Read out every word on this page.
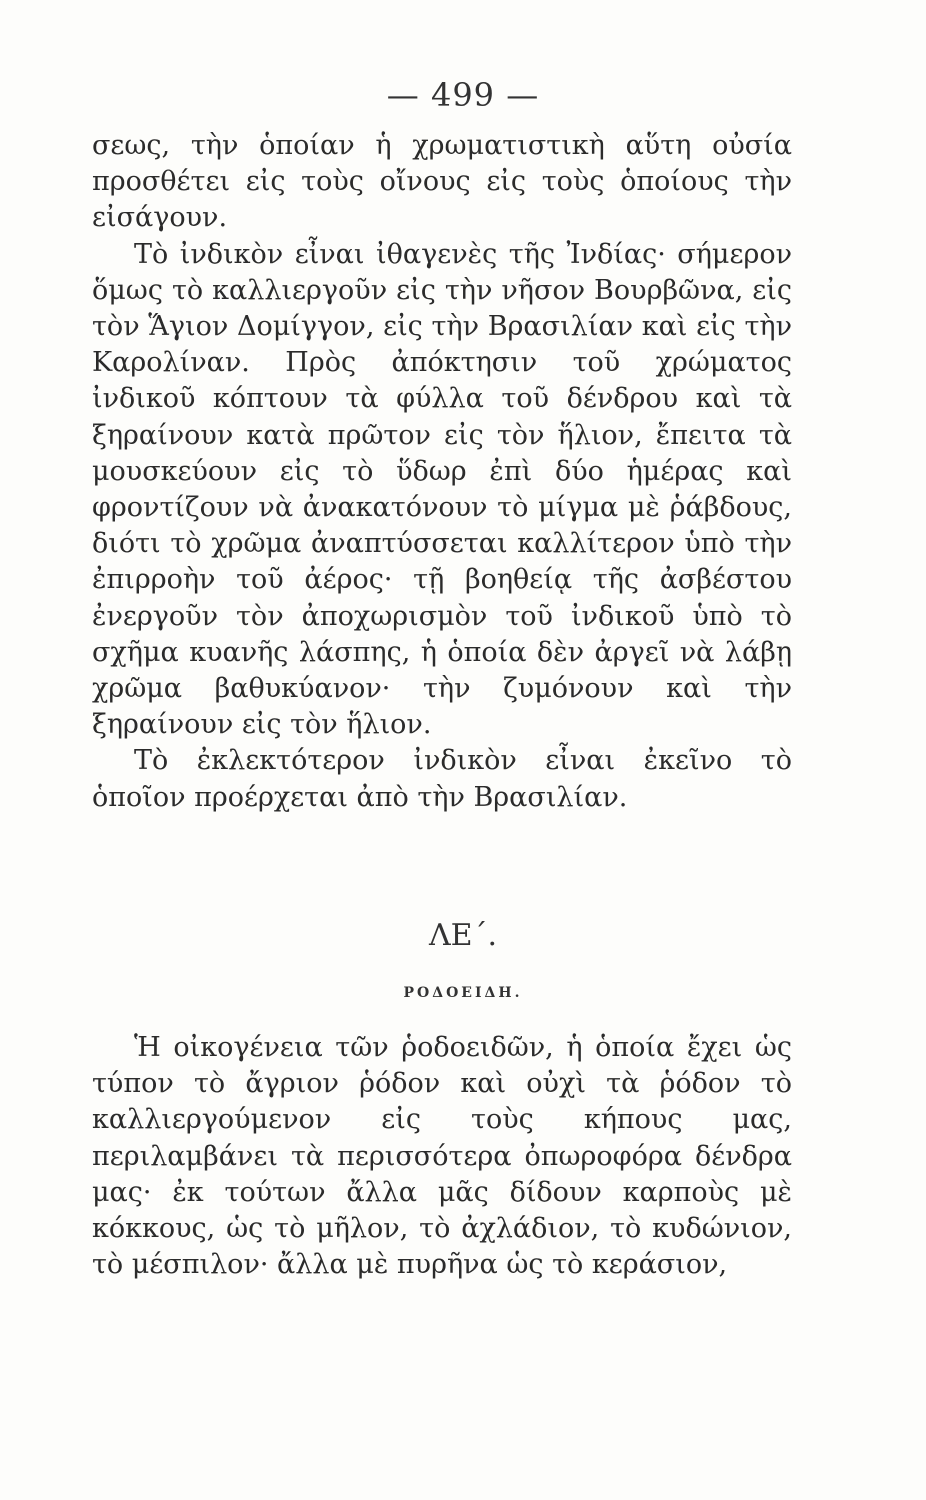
— 499 —

σεως, τὴν ὁποίαν ἡ χρωματιστικὴ αὕτη οὐσία προσθέτει εἰς τοὺς οἴνους εἰς τοὺς ὁποίους τὴν εἰσάγουν.

Τὸ ἰνδικὸν εἶναι ἰθαγενὲς τῆς Ἰνδίας· σήμερον ὅμως τὸ καλλιεργοῦν εἰς τὴν νῆσον Βουρβῶνα, εἰς τὸν Ἅγιον Δομίγγον, εἰς τὴν Βρασιλίαν καὶ εἰς τὴν Καρολίναν. Πρὸς ἀπόκτησιν τοῦ χρώματος ἰνδικοῦ κόπτουν τὰ φύλλα τοῦ δένδρου καὶ τὰ ξηραίνουν κατὰ πρῶτον εἰς τὸν ἥλιον, ἔπειτα τὰ μουσκεύουν εἰς τὸ ὕδωρ ἐπὶ δύο ἡμέρας καὶ φροντίζουν νὰ ἀνακατόνουν τὸ μίγμα μὲ ῥάβδους, διότι τὸ χρῶμα ἀναπτύσσεται καλλίτερον ὑπὸ τὴν ἐπιρροὴν τοῦ ἀέρος· τῇ βοηθείᾳ τῆς ἀσβέστου ἐνεργοῦν τὸν ἀποχωρισμὸν τοῦ ἰνδικοῦ ὑπὸ τὸ σχῆμα κυανῆς λάσπης, ἡ ὁποία δὲν ἀργεῖ νὰ λάβῃ χρῶμα βαθυκύανον· τὴν ζυμόνουν καὶ τὴν ξηραίνουν εἰς τὸν ἥλιον.

Τὸ ἐκλεκτότερον ἰνδικὸν εἶναι ἐκεῖνο τὸ ὁποῖον προέρχεται ἀπὸ τὴν Βρασιλίαν.

ΛΕ΄.
ΡΟΔΟΕΙΔΗ.

Ἡ οἰκογένεια τῶν ῥοδοειδῶν, ἡ ὁποία ἔχει ὡς τύπον τὸ ἄγριον ῥόδον καὶ οὐχὶ τὰ ῥόδον τὸ καλλιεργούμενον εἰς τοὺς κήπους μας, περιλαμβάνει τὰ περισσότερα ὀπωροφόρα δένδρα μας· ἐκ τούτων ἄλλα μᾶς δίδουν καρποὺς μὲ κόκκους, ὡς τὸ μῆλον, τὸ ἀχλάδιον, τὸ κυδώνιον, τὸ μέσπιλον· ἄλλα μὲ πυρῆνα ὡς τὸ κεράσιον,
